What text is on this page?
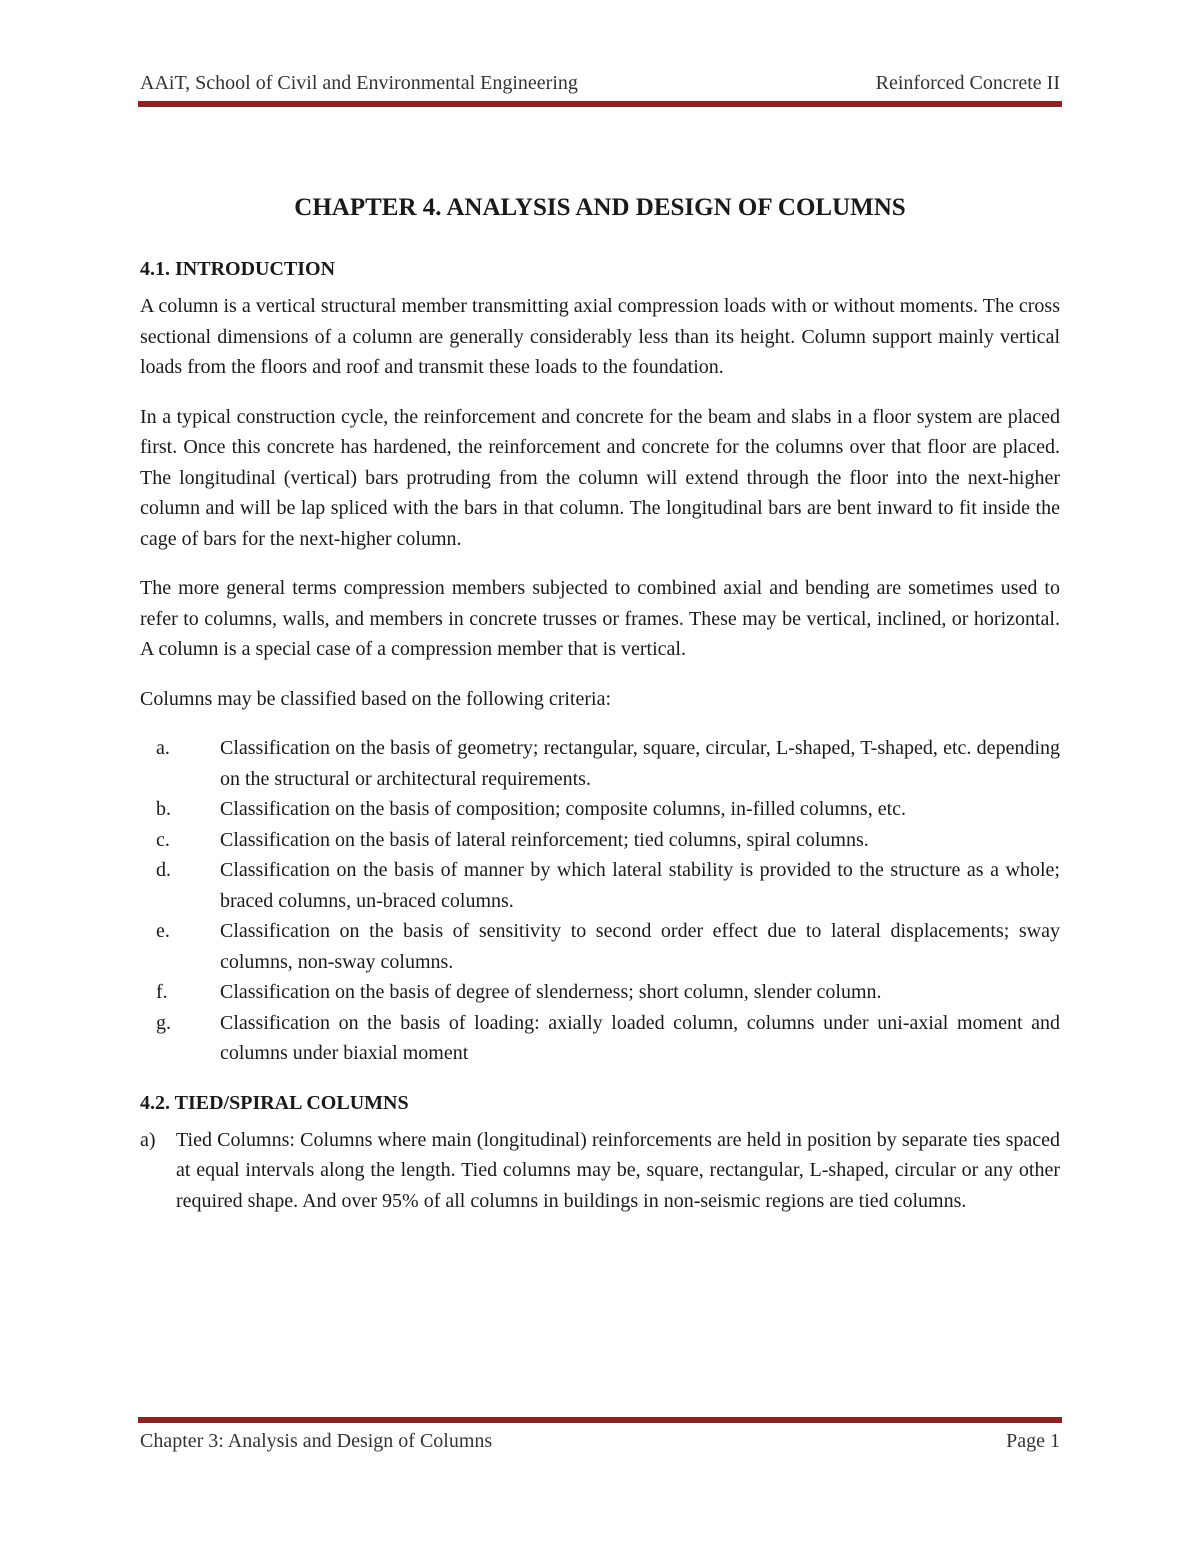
AAiT, School of Civil and Environmental Engineering	Reinforced Concrete II
CHAPTER 4. ANALYSIS AND DESIGN OF COLUMNS
4.1. INTRODUCTION

A column is a vertical structural member transmitting axial compression loads with or without moments. The cross sectional dimensions of a column are generally considerably less than its height. Column support mainly vertical loads from the floors and roof and transmit these loads to the foundation.

In a typical construction cycle, the reinforcement and concrete for the beam and slabs in a floor system are placed first. Once this concrete has hardened, the reinforcement and concrete for the columns over that floor are placed. The longitudinal (vertical) bars protruding from the column will extend through the floor into the next-higher column and will be lap spliced with the bars in that column. The longitudinal bars are bent inward to fit inside the cage of bars for the next-higher column.

The more general terms compression members subjected to combined axial and bending are sometimes used to refer to columns, walls, and members in concrete trusses or frames. These may be vertical, inclined, or horizontal. A column is a special case of a compression member that is vertical.

Columns may be classified based on the following criteria:

a.	Classification on the basis of geometry; rectangular, square, circular, L-shaped, T-shaped, etc. depending on the structural or architectural requirements.
b.	Classification on the basis of composition; composite columns, in-filled columns, etc.
c.	Classification on the basis of lateral reinforcement; tied columns, spiral columns.
d.	Classification on the basis of manner by which lateral stability is provided to the structure as a whole; braced columns, un-braced columns.
e.	Classification on the basis of sensitivity to second order effect due to lateral displacements; sway columns, non-sway columns.
f.	Classification on the basis of degree of slenderness; short column, slender column.
g.	Classification on the basis of loading: axially loaded column, columns under uni-axial moment and columns under biaxial moment
4.2. TIED/SPIRAL COLUMNS
a) Tied Columns: Columns where main (longitudinal) reinforcements are held in position by separate ties spaced at equal intervals along the length. Tied columns may be, square, rectangular, L-shaped, circular or any other required shape. And over 95% of all columns in buildings in non-seismic regions are tied columns.
Chapter 3: Analysis and Design of Columns	Page 1
